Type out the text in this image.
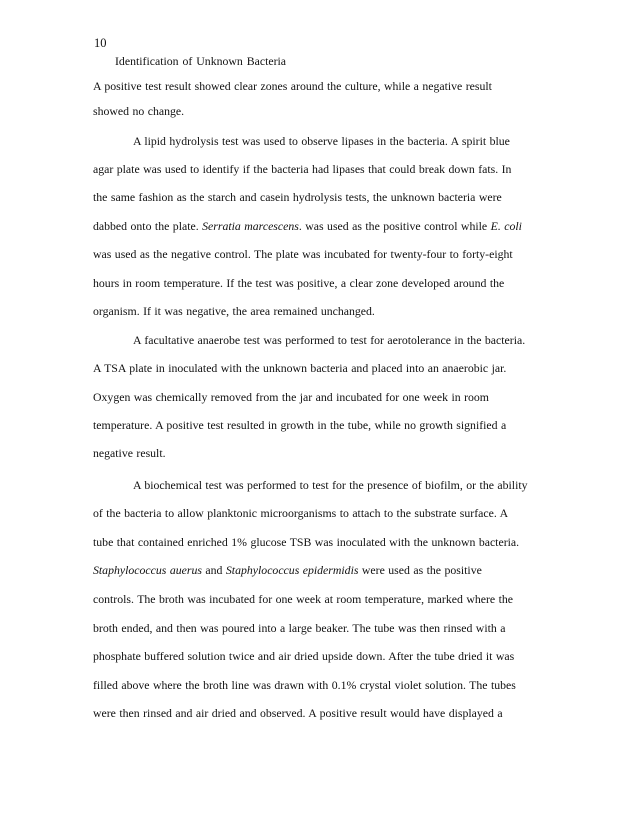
10
Identification of Unknown Bacteria
A positive test result showed clear zones around the culture, while a negative result
showed no change.
A lipid hydrolysis test was used to observe lipases in the bacteria. A spirit blue
agar plate was used to identify if the bacteria had lipases that could break down fats. In
the same fashion as the starch and casein hydrolysis tests, the unknown bacteria were
dabbed onto the plate. Serratia marcescens. was used as the positive control while E. coli
was used as the negative control. The plate was incubated for twenty-four to forty-eight
hours in room temperature. If the test was positive, a clear zone developed around the
organism. If it was negative, the area remained unchanged.
A facultative anaerobe test was performed to test for aerotolerance in the bacteria.
A TSA plate in inoculated with the unknown bacteria and placed into an anaerobic jar.
Oxygen was chemically removed from the jar and incubated for one week in room
temperature. A positive test resulted in growth in the tube, while no growth signified a
negative result.
A biochemical test was performed to test for the presence of biofilm, or the ability
of the bacteria to allow planktonic microorganisms to attach to the substrate surface. A
tube that contained enriched 1% glucose TSB was inoculated with the unknown bacteria.
Staphylococcus auerus and Staphylococcus epidermidis were used as the positive
controls. The broth was incubated for one week at room temperature, marked where the
broth ended, and then was poured into a large beaker. The tube was then rinsed with a
phosphate buffered solution twice and air dried upside down. After the tube dried it was
filled above where the broth line was drawn with 0.1% crystal violet solution. The tubes
were then rinsed and air dried and observed. A positive result would have displayed a
